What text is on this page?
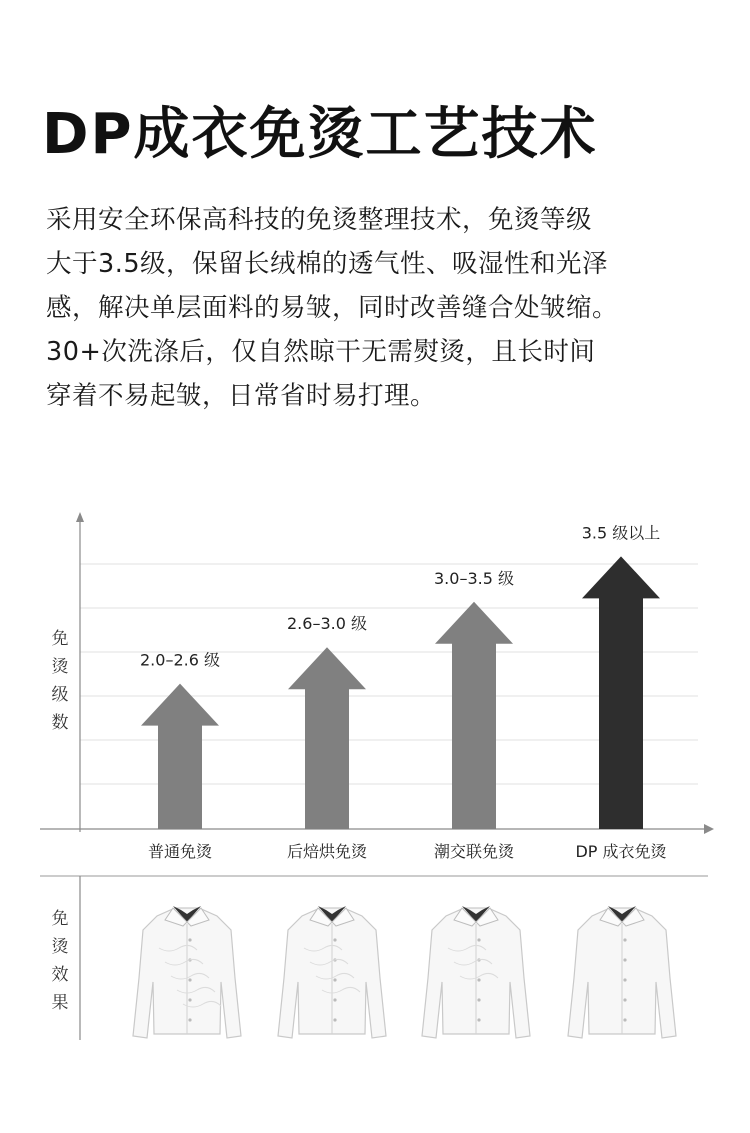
DP成衣免烫工艺技术
采用安全环保高科技的免烫整理技术，免烫等级
大于3.5级，保留长绒棉的透气性、吸湿性和光泽
感，解决单层面料的易皱，同时改善缝合处皱缩。
30+次洗涤后，仅自然晾干无需熨烫，且长时间
穿着不易起皱，日常省时易打理。
免
烫
级
数
免
烫
效
果
2.0–2.6 级
2.6–3.0 级
3.0–3.5 级
3.5 级以上
普通免烫	后焙烘免烫	潮交联免烫	DP 成衣免烫
